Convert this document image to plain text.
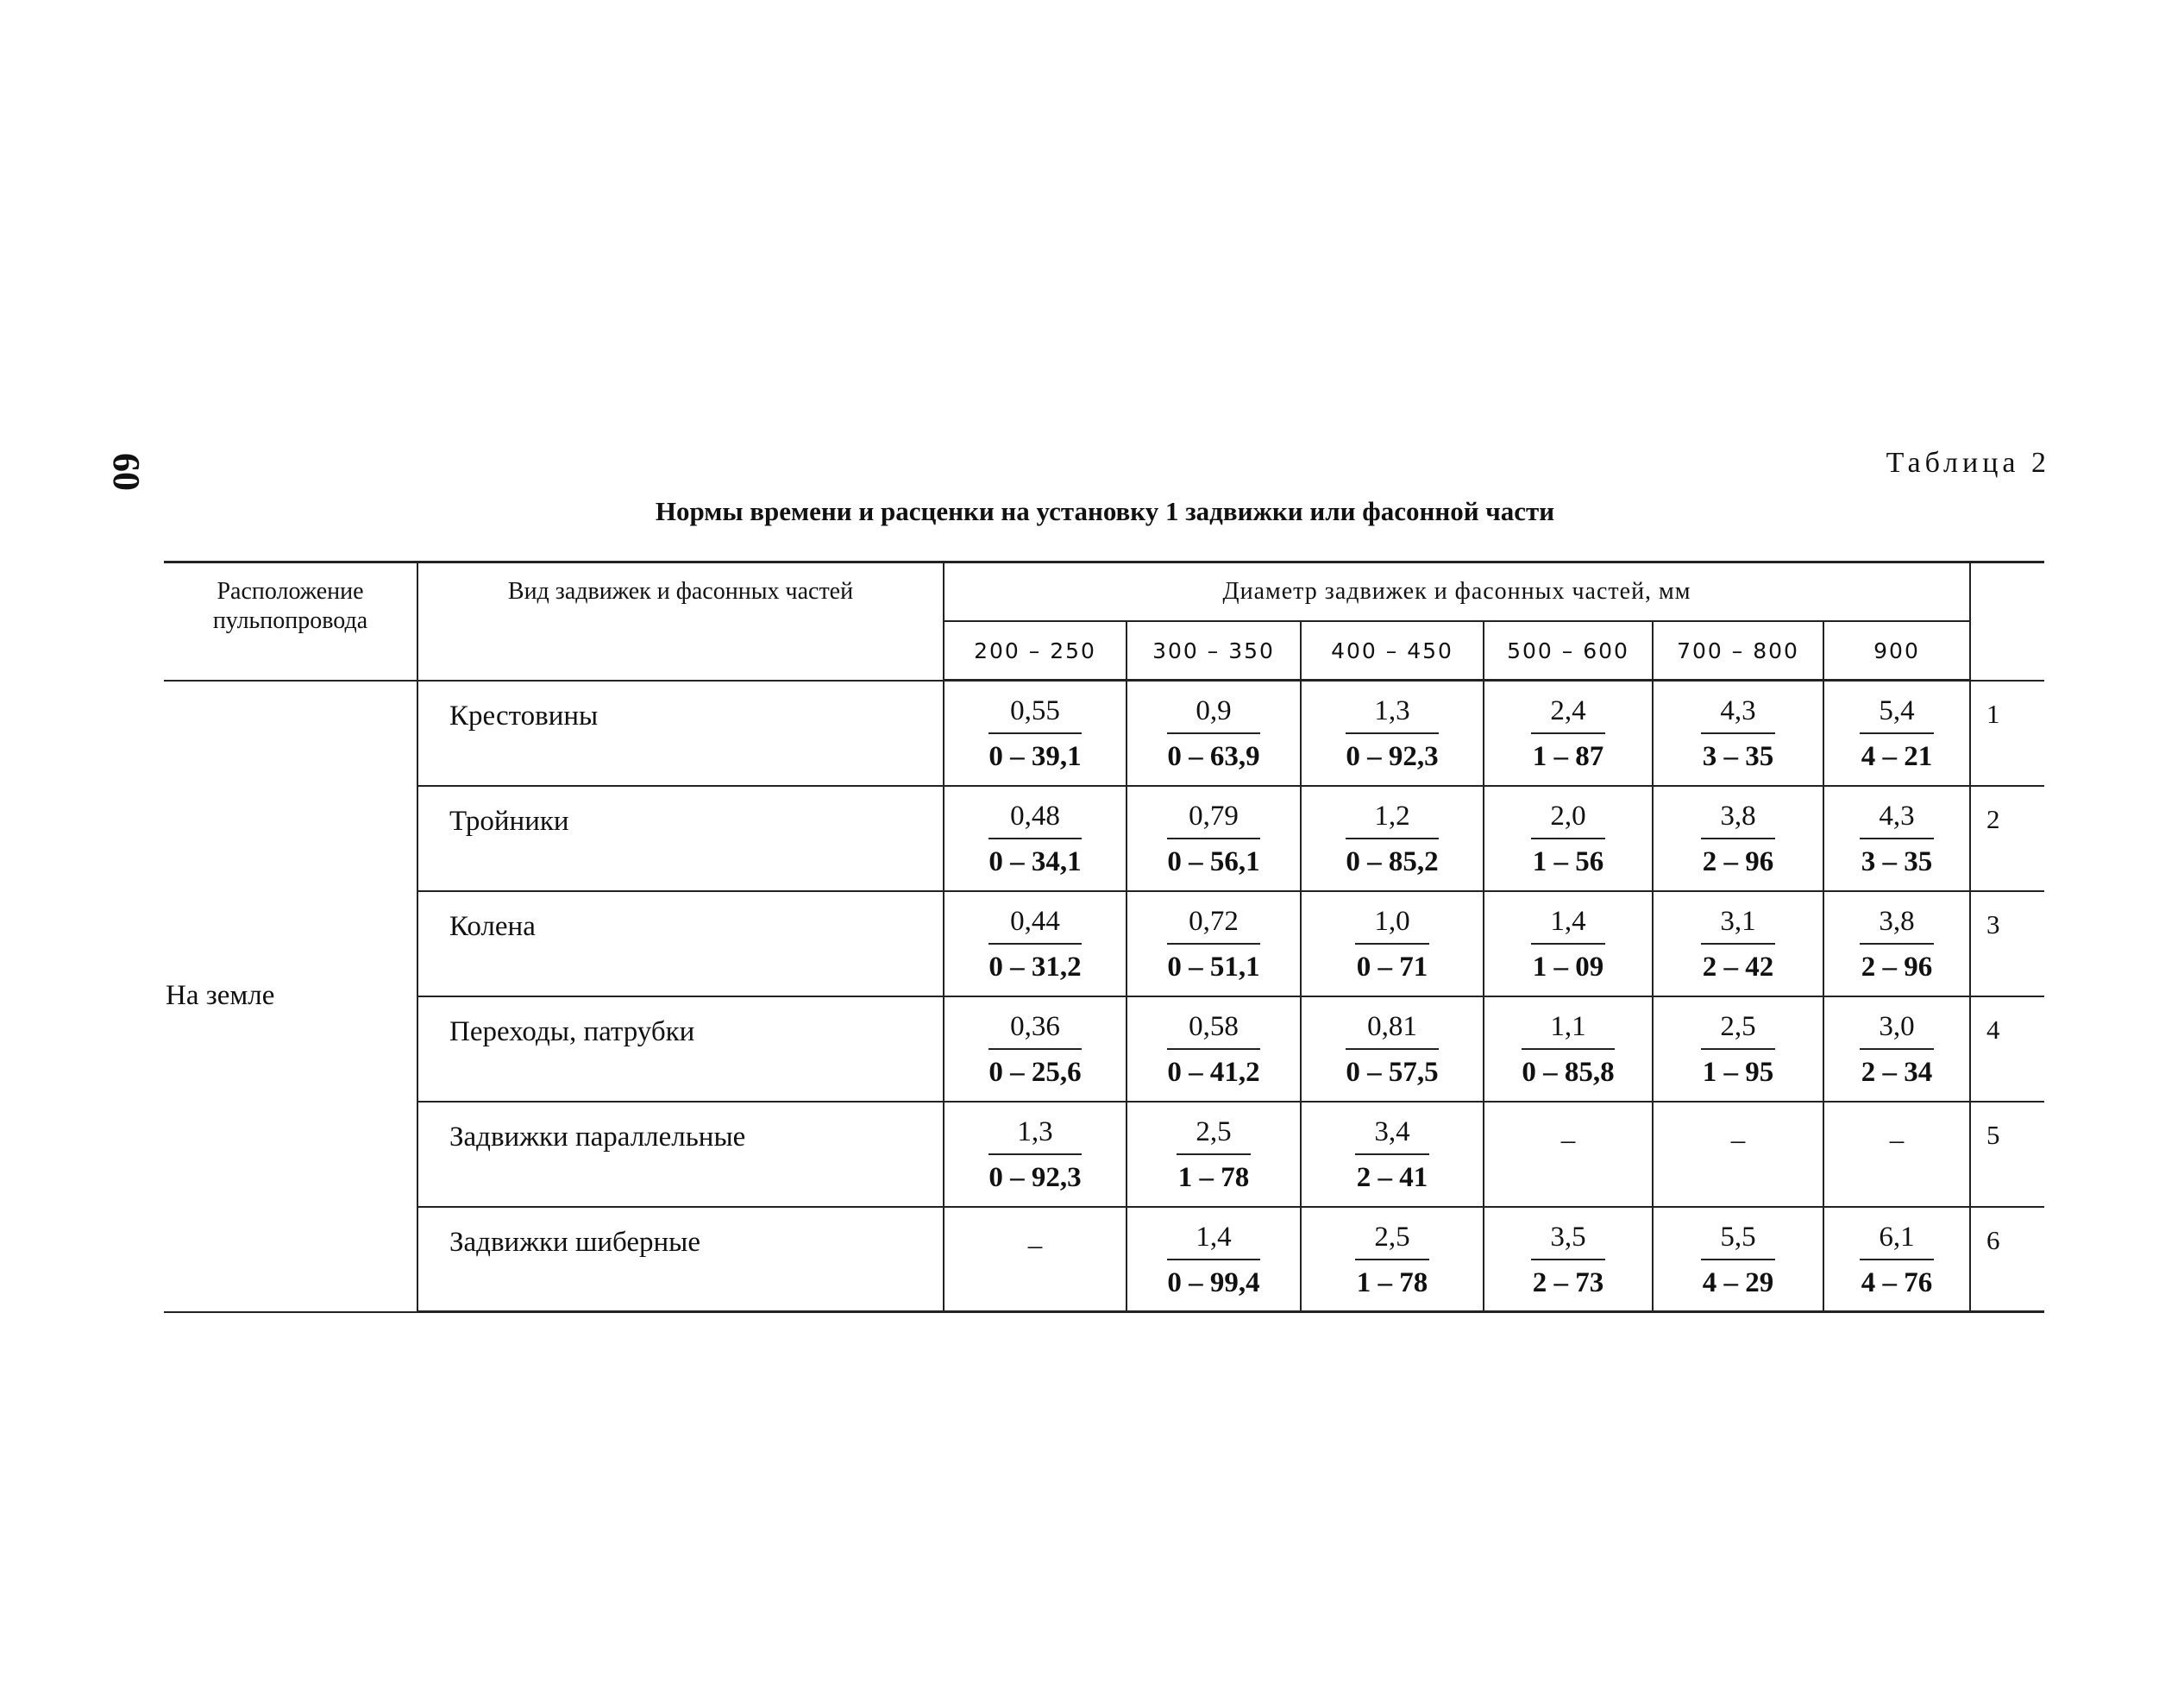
60	Таблица 2
Нормы времени и расценки на установку 1 задвижки или фасонной части
Расположение пульпопровода	Вид задвижек и фасонных частей	Диаметр задвижек и фасонных частей, мм						
		200 – 250	300 – 350	400 – 450	500 – 600	700 – 800	900	
На земле	Крестовины	$\frac{0,55}{0 - 39,1}$	$\frac{0,9}{0 - 63,9}$	$\frac{1,3}{0 - 92,3}$	$\frac{2,4}{1 - 87}$	$\frac{4,3}{3 - 35}$	$\frac{5,4}{4 - 21}$	1
	Тройники	$\frac{0,48}{0 - 34,1}$	$\frac{0,79}{0 - 56,1}$	$\frac{1,2}{0 - 85,2}$	$\frac{2,0}{1 - 56}$	$\frac{3,8}{2 - 96}$	$\frac{4,3}{3 - 35}$	2
	Колена	$\frac{0,44}{0 - 31,2}$	$\frac{0,72}{0 - 51,1}$	$\frac{1,0}{0 - 71}$	$\frac{1,4}{1 - 09}$	$\frac{3,1}{2 - 42}$	$\frac{3,8}{2 - 96}$	3
	Переходы, патрубки	$\frac{0,36}{0 - 25,6}$	$\frac{0,58}{0 - 41,2}$	$\frac{0,81}{0 - 57,5}$	$\frac{1,1}{0 - 85,8}$	$\frac{2,5}{1 - 95}$	$\frac{3,0}{2 - 34}$	4
	Задвижки параллельные	$\frac{1,3}{0 - 92,3}$	$\frac{2,5}{1 - 78}$	$\frac{3,4}{2 - 41}$	–	–	–	5
	Задвижки шиберные	–	$\frac{1,4}{0 - 99,4}$	$\frac{2,5}{1 - 78}$	$\frac{3,5}{2 - 73}$	$\frac{5,5}{4 - 29}$	$\frac{6,1}{4 - 76}$	6
